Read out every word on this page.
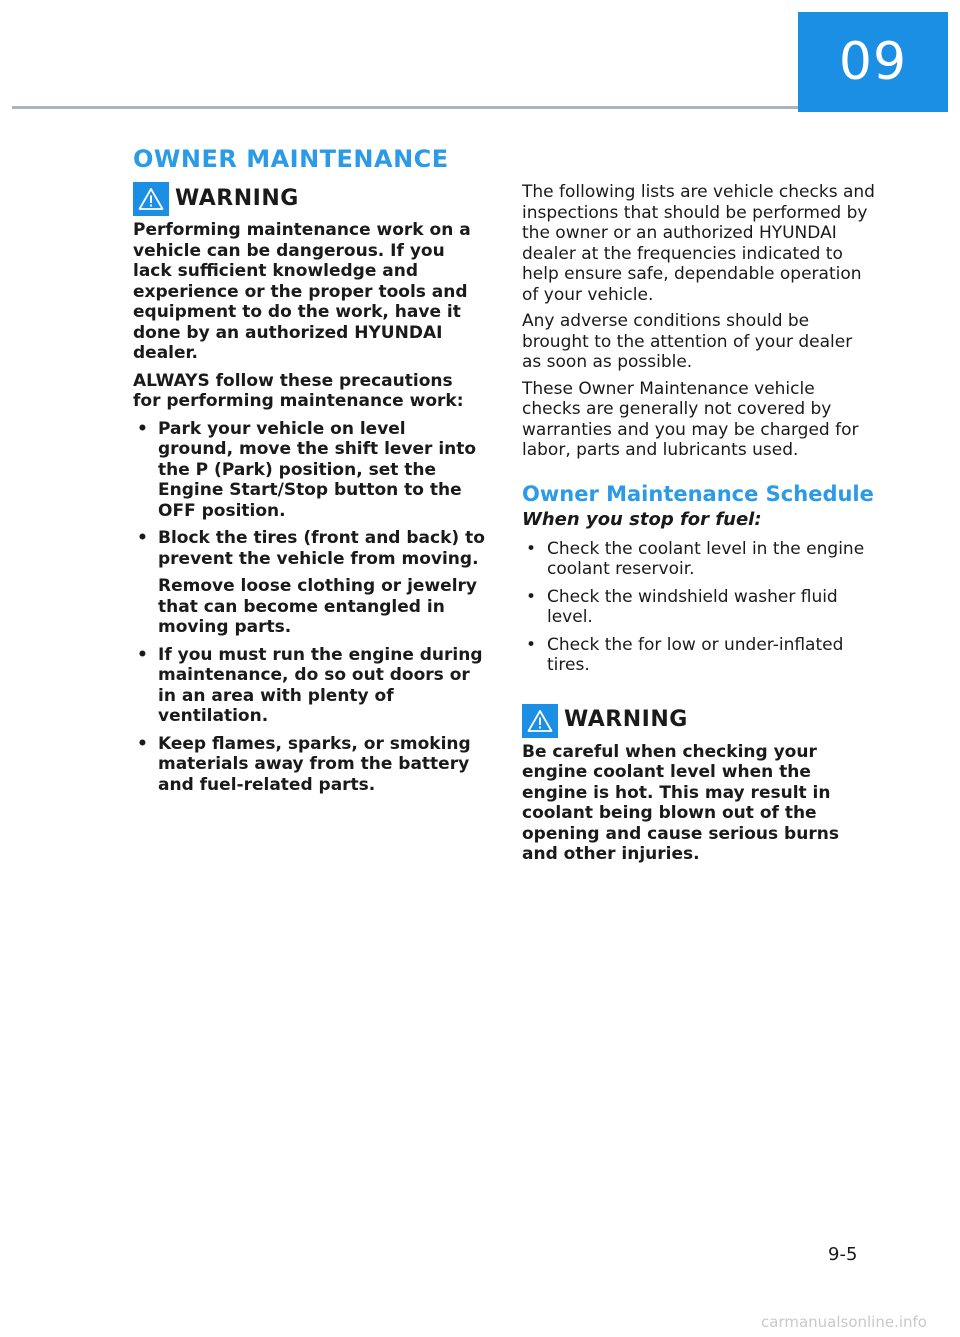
09
OWNER MAINTENANCE
WARNING

Performing maintenance work on a vehicle can be dangerous. If you lack sufficient knowledge and experience or the proper tools and equipment to do the work, have it done by an authorized HYUNDAI dealer.

ALWAYS follow these precautions for performing maintenance work:

• Park your vehicle on level ground, move the shift lever into the P (Park) position, set the Engine Start/Stop button to the OFF position.
• Block the tires (front and back) to prevent the vehicle from moving.

Remove loose clothing or jewelry that can become entangled in moving parts.

• If you must run the engine during maintenance, do so out doors or in an area with plenty of ventilation.
• Keep flames, sparks, or smoking materials away from the battery and fuel-related parts.

The following lists are vehicle checks and inspections that should be performed by the owner or an authorized HYUNDAI dealer at the frequencies indicated to help ensure safe, dependable operation of your vehicle.

Any adverse conditions should be brought to the attention of your dealer as soon as possible.

These Owner Maintenance vehicle checks are generally not covered by warranties and you may be charged for labor, parts and lubricants used.

Owner Maintenance Schedule
When you stop for fuel:
• Check the coolant level in the engine coolant reservoir.
• Check the windshield washer fluid level.
• Check the for low or under-inflated tires.
WARNING

Be careful when checking your engine coolant level when the engine is hot. This may result in coolant being blown out of the opening and cause serious burns and other injuries.

9-5
carmanualsonline.info
